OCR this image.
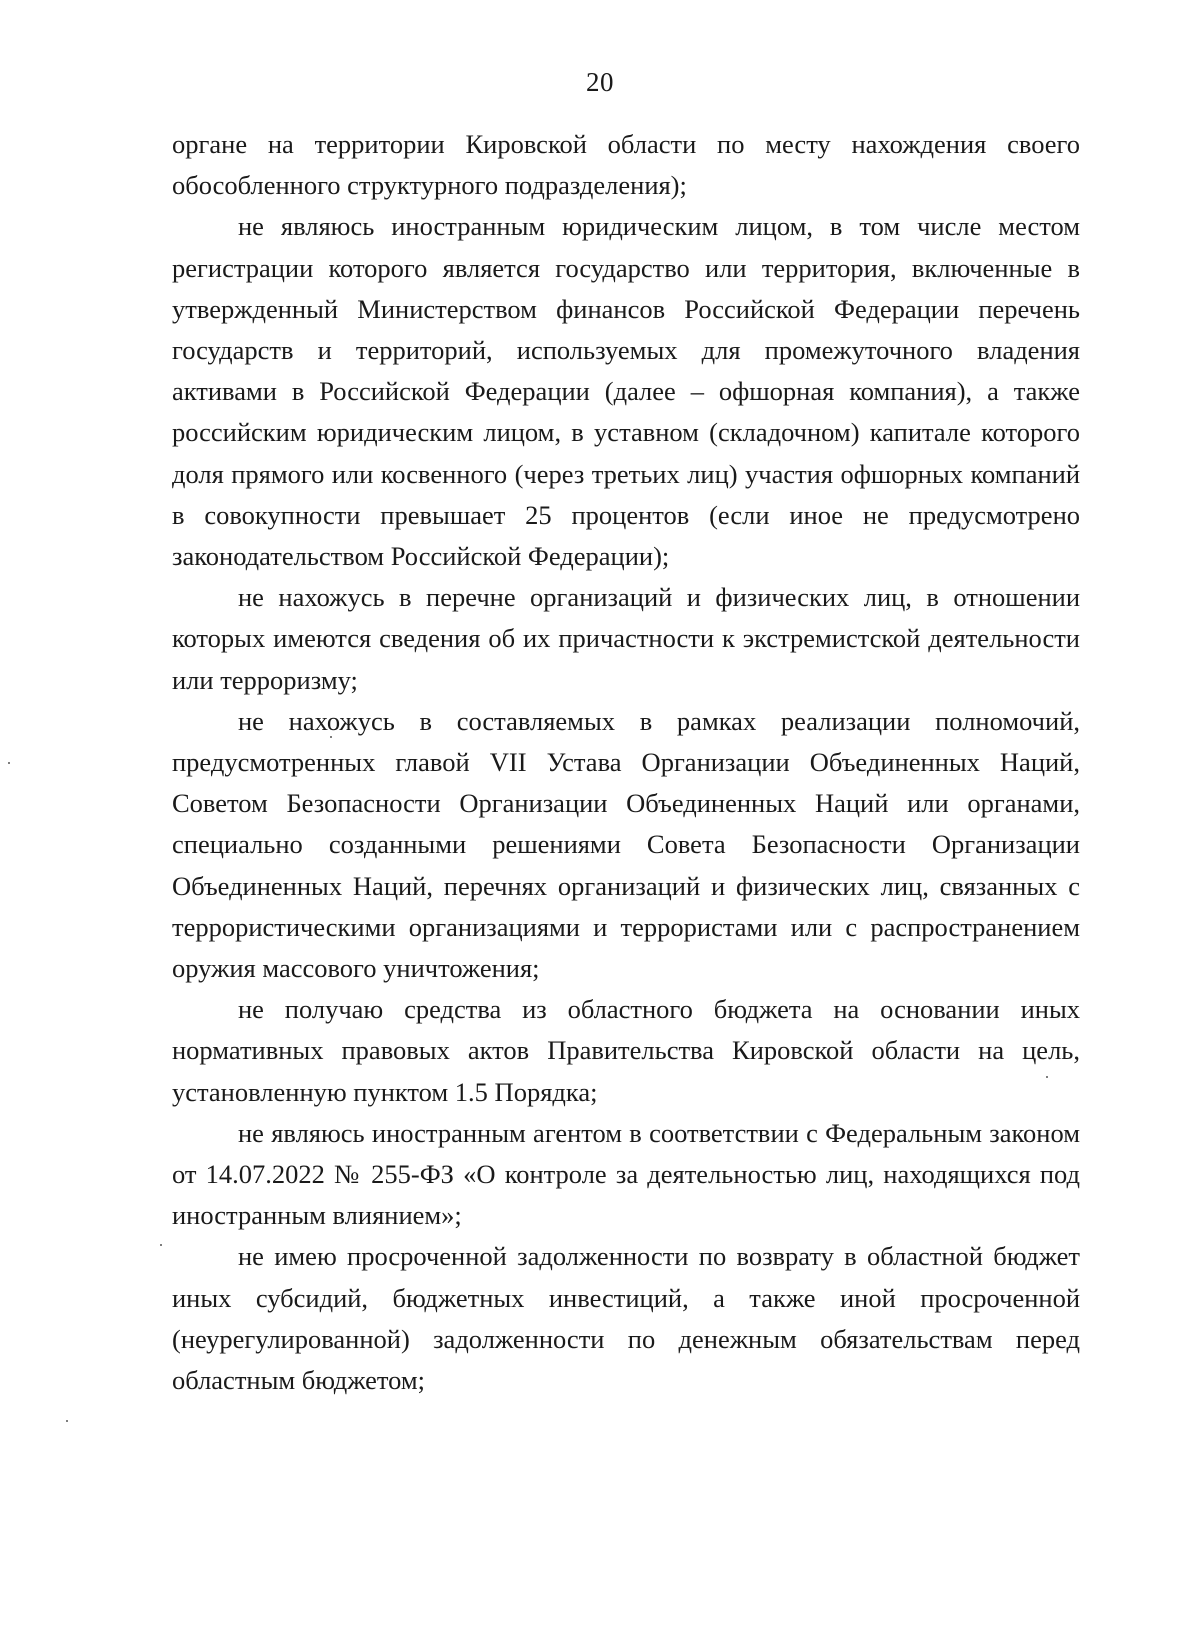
20

органе на территории Кировской области по месту нахождения своего обособленного структурного подразделения);

не являюсь иностранным юридическим лицом, в том числе местом регистрации которого является государство или территория, включенные в утвержденный Министерством финансов Российской Федерации перечень государств и территорий, используемых для промежуточного владения активами в Российской Федерации (далее – офшорная компания), а также российским юридическим лицом, в уставном (складочном) капитале которого доля прямого или косвенного (через третьих лиц) участия офшорных компаний в совокупности превышает 25 процентов (если иное не предусмотрено законодательством Российской Федерации);

не нахожусь в перечне организаций и физических лиц, в отношении которых имеются сведения об их причастности к экстремистской деятельности или терроризму;

не нахожусь в составляемых в рамках реализации полномочий, предусмотренных главой VII Устава Организации Объединенных Наций, Советом Безопасности Организации Объединенных Наций или органами, специально созданными решениями Совета Безопасности Организации Объединенных Наций, перечнях организаций и физических лиц, связанных с террористическими организациями и террористами или с распространением оружия массового уничтожения;

не получаю средства из областного бюджета на основании иных нормативных правовых актов Правительства Кировской области на цель, установленную пунктом 1.5 Порядка;

не являюсь иностранным агентом в соответствии с Федеральным законом от 14.07.2022 № 255-ФЗ «О контроле за деятельностью лиц, находящихся под иностранным влиянием»;

не имею просроченной задолженности по возврату в областной бюджет иных субсидий, бюджетных инвестиций, а также иной просроченной (неурегулированной) задолженности по денежным обязательствам перед областным бюджетом;
